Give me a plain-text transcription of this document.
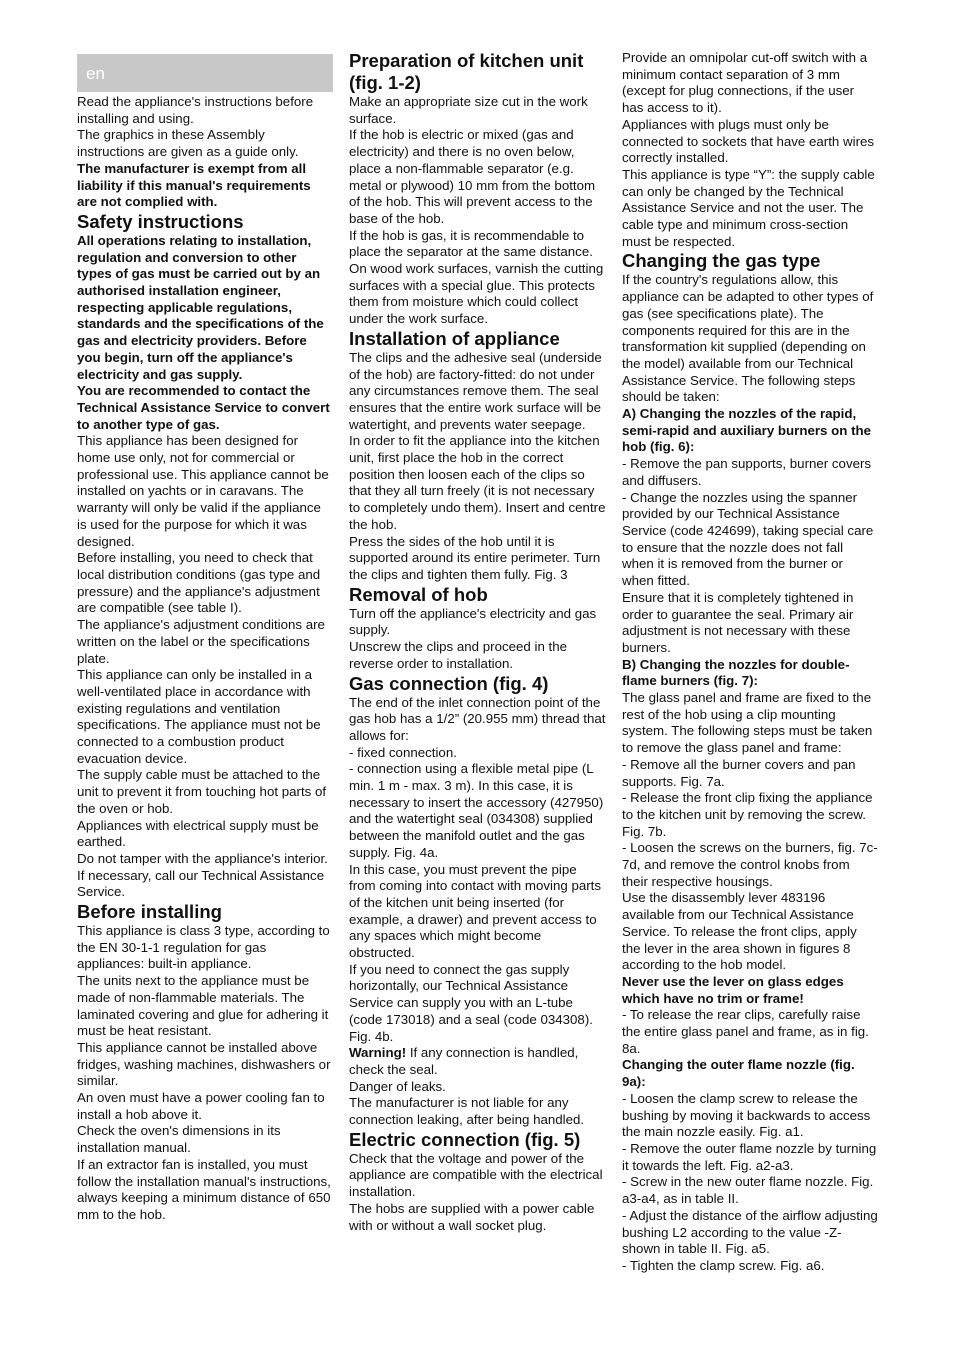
en

Read the appliance's instructions before installing and using.

The graphics in these Assembly instructions are given as a guide only.

The manufacturer is exempt from all liability if this manual's requirements are not complied with.

Safety instructions

All operations relating to installation, regulation and conversion to other types of gas must be carried out by an authorised installation engineer, respecting applicable regulations, standards and the specifications of the gas and electricity providers. Before you begin, turn off the appliance's electricity and gas supply.

You are recommended to contact the Technical Assistance Service to convert to another type of gas.

This appliance has been designed for home use only, not for commercial or professional use. This appliance cannot be installed on yachts or in caravans. The warranty will only be valid if the appliance is used for the purpose for which it was designed.

Before installing, you need to check that local distribution conditions (gas type and pressure) and the appliance's adjustment are compatible (see table I).

The appliance's adjustment conditions are written on the label or the specifications plate.

This appliance can only be installed in a well-ventilated place in accordance with existing regulations and ventilation specifications. The appliance must not be connected to a combustion product evacuation device.

The supply cable must be attached to the unit to prevent it from touching hot parts of the oven or hob.

Appliances with electrical supply must be earthed.

Do not tamper with the appliance's interior. If necessary, call our Technical Assistance Service.

Before installing

This appliance is class 3 type, according to the EN 30-1-1 regulation for gas appliances: built-in appliance.

The units next to the appliance must be made of non-flammable materials. The laminated covering and glue for adhering it must be heat resistant.

This appliance cannot be installed above fridges, washing machines, dishwashers or similar.

An oven must have a power cooling fan to install a hob above it.

Check the oven's dimensions in its installation manual.

If an extractor fan is installed, you must follow the installation manual's instructions, always keeping a minimum distance of 650 mm to the hob.

Preparation of kitchen unit (fig. 1-2)

Make an appropriate size cut in the work surface.

If the hob is electric or mixed (gas and electricity) and there is no oven below, place a non-flammable separator (e.g. metal or plywood) 10 mm from the bottom of the hob. This will prevent access to the base of the hob.

If the hob is gas, it is recommendable to place the separator at the same distance.

On wood work surfaces, varnish the cutting surfaces with a special glue. This protects them from moisture which could collect under the work surface.

Installation of appliance

The clips and the adhesive seal (underside of the hob) are factory-fitted: do not under any circumstances remove them. The seal ensures that the entire work surface will be watertight, and prevents water seepage.

In order to fit the appliance into the kitchen unit, first place the hob in the correct position then loosen each of the clips so that they all turn freely (it is not necessary to completely undo them). Insert and centre the hob.

Press the sides of the hob until it is supported around its entire perimeter. Turn the clips and tighten them fully. Fig. 3

Removal of hob

Turn off the appliance's electricity and gas supply.

Unscrew the clips and proceed in the reverse order to installation.

Gas connection (fig. 4)

The end of the inlet connection point of the gas hob has a 1/2” (20.955 mm) thread that allows for:

- fixed connection.

- connection using a flexible metal pipe (L min. 1 m - max. 3 m). In this case, it is necessary to insert the accessory (427950) and the watertight seal (034308) supplied between the manifold outlet and the gas supply. Fig. 4a.

In this case, you must prevent the pipe from coming into contact with moving parts of the kitchen unit being inserted (for example, a drawer) and prevent access to any spaces which might become obstructed.

If you need to connect the gas supply horizontally, our Technical Assistance Service can supply you with an L-tube (code 173018) and a seal (code 034308). Fig. 4b.

Warning! If any connection is handled, check the seal.

Danger of leaks.

The manufacturer is not liable for any connection leaking, after being handled.

Electric connection (fig. 5)

Check that the voltage and power of the appliance are compatible with the electrical installation.

The hobs are supplied with a power cable with or without a wall socket plug.

Provide an omnipolar cut-off switch with a minimum contact separation of 3 mm (except for plug connections, if the user has access to it).

Appliances with plugs must only be connected to sockets that have earth wires correctly installed.

This appliance is type “Y”: the supply cable can only be changed by the Technical Assistance Service and not the user. The cable type and minimum cross-section must be respected.

Changing the gas type

If the country's regulations allow, this appliance can be adapted to other types of gas (see specifications plate). The components required for this are in the transformation kit supplied (depending on the model) available from our Technical Assistance Service. The following steps should be taken:

A) Changing the nozzles of the rapid, semi-rapid and auxiliary burners on the hob (fig. 6):

- Remove the pan supports, burner covers and diffusers.

- Change the nozzles using the spanner provided by our Technical Assistance Service (code 424699), taking special care to ensure that the nozzle does not fall when it is removed from the burner or when fitted.

Ensure that it is completely tightened in order to guarantee the seal. Primary air adjustment is not necessary with these burners.

B) Changing the nozzles for double-flame burners (fig. 7):

The glass panel and frame are fixed to the rest of the hob using a clip mounting system. The following steps must be taken to remove the glass panel and frame:

- Remove all the burner covers and pan supports. Fig. 7a.

- Release the front clip fixing the appliance to the kitchen unit by removing the screw. Fig. 7b.

- Loosen the screws on the burners, fig. 7c-7d, and remove the control knobs from their respective housings.

Use the disassembly lever 483196 available from our Technical Assistance Service. To release the front clips, apply the lever in the area shown in figures 8 according to the hob model.

Never use the lever on glass edges which have no trim or frame!

- To release the rear clips, carefully raise the entire glass panel and frame, as in fig. 8a.

Changing the outer flame nozzle (fig. 9a):

- Loosen the clamp screw to release the bushing by moving it backwards to access the main nozzle easily. Fig. a1.

- Remove the outer flame nozzle by turning it towards the left. Fig. a2-a3.

- Screw in the new outer flame nozzle. Fig. a3-a4, as in table II.

- Adjust the distance of the airflow adjusting bushing L2 according to the value -Z- shown in table II. Fig. a5.

- Tighten the clamp screw. Fig. a6.
